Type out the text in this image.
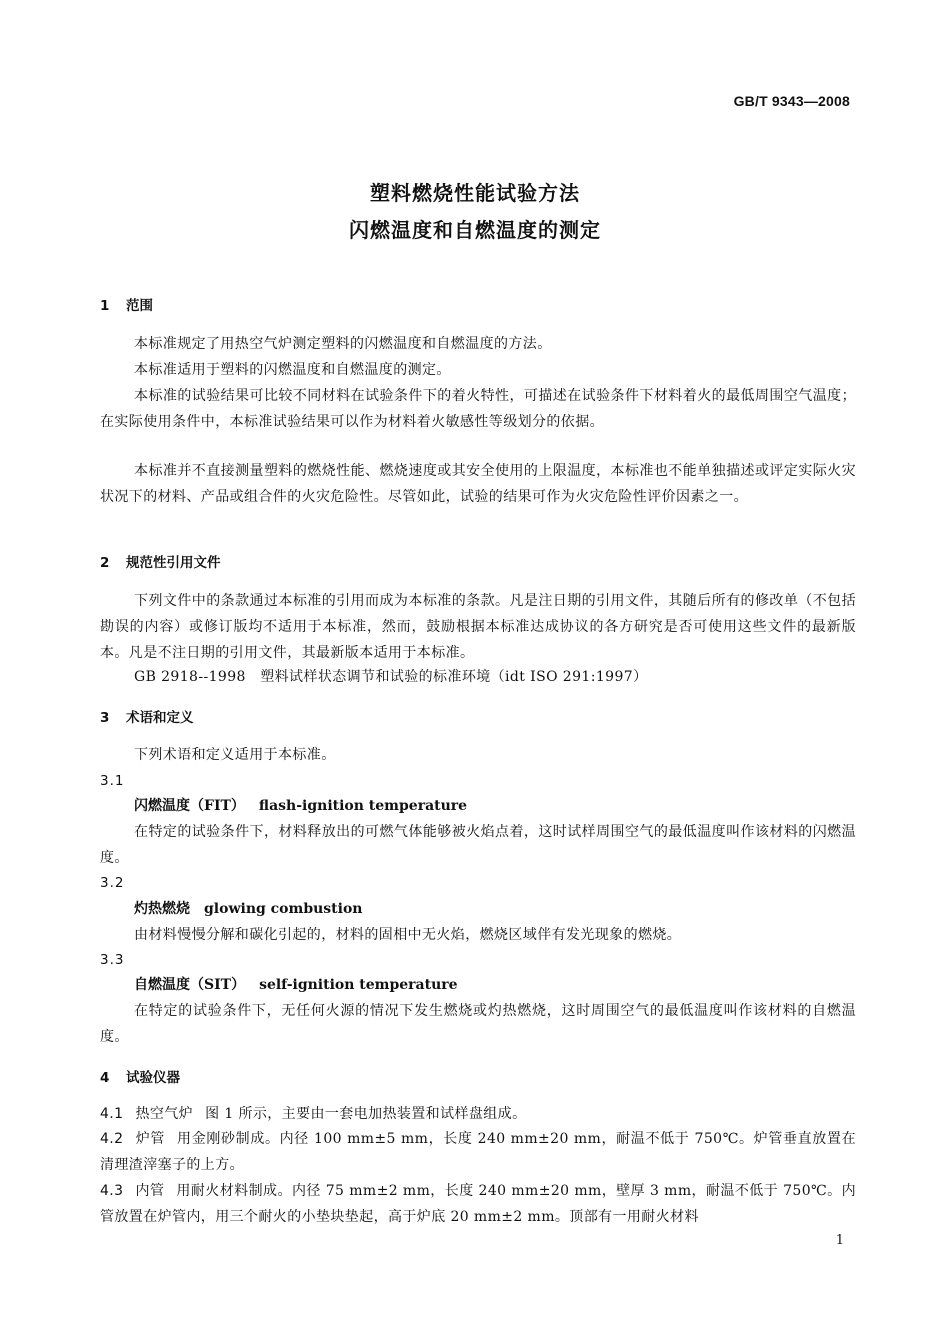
GB/T 9343—2008
塑料燃烧性能试验方法
闪燃温度和自燃温度的测定
1 范围
本标准规定了用热空气炉测定塑料的闪燃温度和自燃温度的方法。
本标准适用于塑料的闪燃温度和自燃温度的测定。
本标准的试验结果可比较不同材料在试验条件下的着火特性，可描述在试验条件下材料着火的最低周围空气温度；在实际使用条件中，本标准试验结果可以作为材料着火敏感性等级划分的依据。
本标准并不直接测量塑料的燃烧性能、燃烧速度或其安全使用的上限温度，本标准也不能单独描述或评定实际火灾状况下的材料、产品或组合件的火灾危险性。尽管如此，试验的结果可作为火灾危险性评价因素之一。
2 规范性引用文件
下列文件中的条款通过本标准的引用而成为本标准的条款。凡是注日期的引用文件，其随后所有的修改单（不包括勘误的内容）或修订版均不适用于本标准，然而，鼓励根据本标准达成协议的各方研究是否可使用这些文件的最新版本。凡是不注日期的引用文件，其最新版本适用于本标准。
GB 2918--1998　塑料试样状态调节和试验的标准环境（idt ISO 291:1997）
3 术语和定义
下列术语和定义适用于本标准。
3.1
闪燃温度（FIT） flash-ignition temperature
在特定的试验条件下，材料释放出的可燃气体能够被火焰点着，这时试样周围空气的最低温度叫作该材料的闪燃温度。
3.2
灼热燃烧 glowing combustion
由材料慢慢分解和碳化引起的，材料的固相中无火焰，燃烧区域伴有发光现象的燃烧。
3.3
自燃温度（SIT） self-ignition temperature
在特定的试验条件下，无任何火源的情况下发生燃烧或灼热燃烧，这时周围空气的最低温度叫作该材料的自燃温度。
4 试验仪器
4.1 热空气炉 图 1 所示，主要由一套电加热装置和试样盘组成。
4.2 炉管 用金刚砂制成。内径 100 mm±5 mm，长度 240 mm±20 mm，耐温不低于 750℃。炉管垂直放置在清理渣滓塞子的上方。
4.3 内管 用耐火材料制成。内径 75 mm±2 mm，长度 240 mm±20 mm，壁厚 3 mm，耐温不低于 750℃。内管放置在炉管内，用三个耐火的小垫块垫起，高于炉底 20 mm±2 mm。顶部有一用耐火材料
1
